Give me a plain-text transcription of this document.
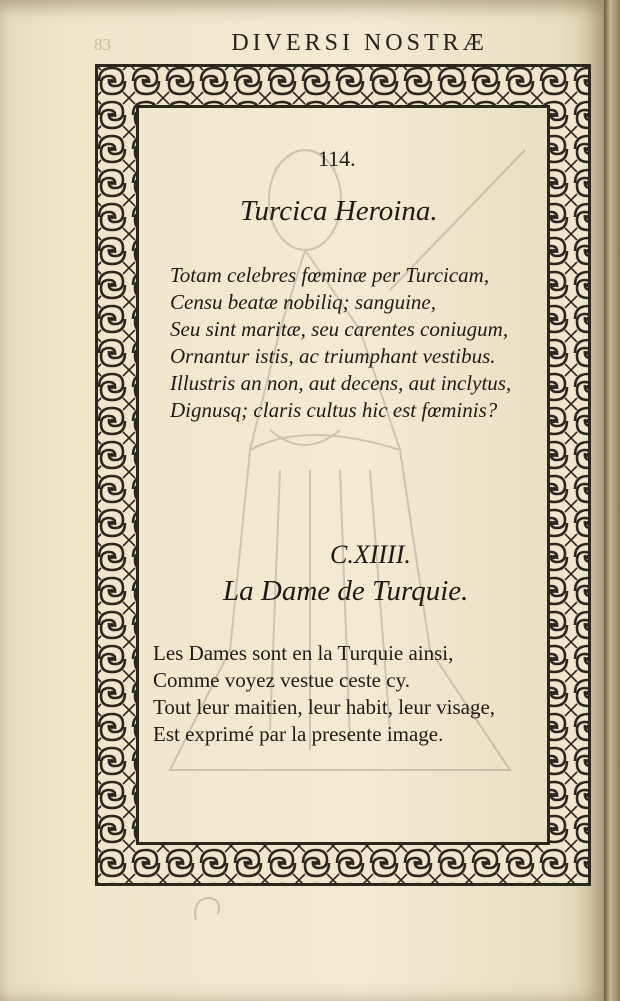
83	DIVERSI NOSTRÆ
114.
Turcica Heroina.
Totam celebres fœminæ per Turcicam,
Censu beatæ nobiliq; sanguine,
Seu sint maritæ, seu carentes coniugum,
Ornantur istis, ac triumphant vestibus.
Illustris an non, aut decens, aut inclytus,
Dignusq; claris cultus hic est fœminis?
C.XIIII.
La Dame de Turquie.
Les Dames sont en la Turquie ainsi,
Comme voyez vestue ceste cy.
Tout leur maitien, leur habit, leur visage,
Est exprimé par la presente image.
